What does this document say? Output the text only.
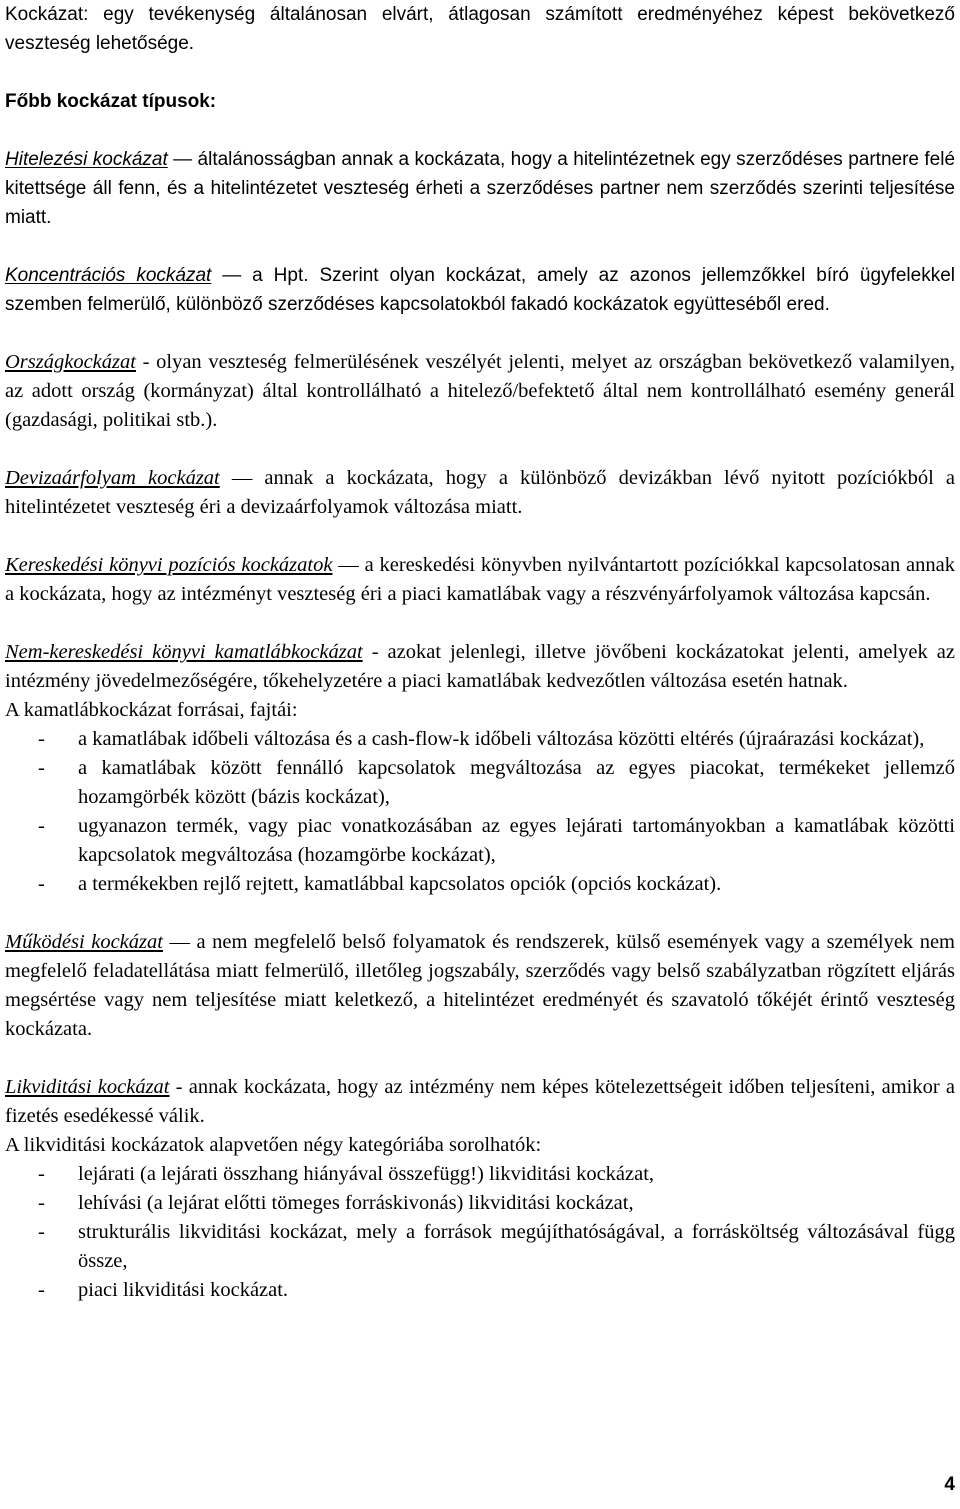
Kockázat: egy tevékenység általánosan elvárt, átlagosan számított eredményéhez képest bekövetkező veszteség lehetősége.

Főbb kockázat típusok:

Hitelezési kockázat ― általánosságban annak a kockázata, hogy a hitelintézetnek egy szerződéses partnere felé kitettsége áll fenn, és a hitelintézetet veszteség érheti a szerződéses partner nem szerződés szerinti teljesítése miatt.

Koncentrációs kockázat ― a Hpt. Szerint olyan kockázat, amely az azonos jellemzőkkel bíró ügyfelekkel szemben felmerülő, különböző szerződéses kapcsolatokból fakadó kockázatok együtteséből ered.

Országkockázat - olyan veszteség felmerülésének veszélyét jelenti, melyet az országban bekövetkező valamilyen, az adott ország (kormányzat) által kontrollálható a hitelező/befektető által nem kontrollálható esemény generál (gazdasági, politikai stb.).

Devizaárfolyam kockázat ― annak a kockázata, hogy a különböző devizákban lévő nyitott pozíciókból a hitelintézetet veszteség éri a devizaárfolyamok változása miatt.

Kereskedési könyvi pozíciós kockázatok ― a kereskedési könyvben nyilvántartott pozíciókkal kapcsolatosan annak a kockázata, hogy az intézményt veszteség éri a piaci kamatlábak vagy a részvényárfolyamok változása kapcsán.

Nem-kereskedési könyvi kamatlábkockázat - azokat jelenlegi, illetve jövőbeni kockázatokat jelenti, amelyek az intézmény jövedelmezőségére, tőkehelyzetére a piaci kamatlábak kedvezőtlen változása esetén hatnak.

A kamatlábkockázat forrásai, fajtái:

- a kamatlábak időbeli változása és a cash-flow-k időbeli változása közötti eltérés (újraárazási kockázat),
- a kamatlábak között fennálló kapcsolatok megváltozása az egyes piacokat, termékeket jellemző hozamgörbék között (bázis kockázat),
- ugyanazon termék, vagy piac vonatkozásában az egyes lejárati tartományokban a kamatlábak közötti kapcsolatok megváltozása (hozamgörbe kockázat),
- a termékekben rejlő rejtett, kamatlábbal kapcsolatos opciók (opciós kockázat).

Működési kockázat ― a nem megfelelő belső folyamatok és rendszerek, külső események vagy a személyek nem megfelelő feladatellátása miatt felmerülő, illetőleg jogszabály, szerződés vagy belső szabályzatban rögzített eljárás megsértése vagy nem teljesítése miatt keletkező, a hitelintézet eredményét és szavatoló tőkéjét érintő veszteség kockázata.

Likviditási kockázat - annak kockázata, hogy az intézmény nem képes kötelezettségeit időben teljesíteni, amikor a fizetés esedékessé válik.

A likviditási kockázatok alapvetően négy kategóriába sorolhatók:

- lejárati (a lejárati összhang hiányával összefügg!) likviditási kockázat,
- lehívási (a lejárat előtti tömeges forráskivonás) likviditási kockázat,
- strukturális likviditási kockázat, mely a források megújíthatóságával, a forrásköltség változásával függ össze,
- piaci likviditási kockázat.
4
